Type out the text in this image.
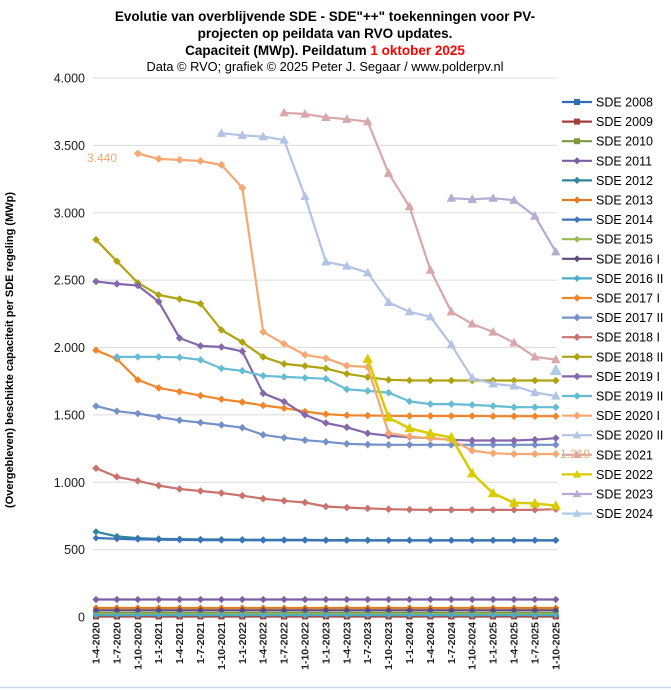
Evolutie van overblijvende SDE - SDE"++" toekenningen voor PV-
projecten op peildata van RVO updates.
Capaciteit (MWp). Peildatum 1 oktober 2025
Data © RVO; grafiek © 2025 Peter J. Segaar / www.polderpv.nl
(Overgebleven) beschikte capaciteit per SDE regeling (MWp)
4.000
3.500
3.000
2.500
2.000
1.500
1.000
500
0
1-4-2020 1-7-2020 1-10-2020 1-1-2021 1-4-2021 1-7-2021 1-10-2021 1-1-2022 1-4-2022 1-7-2022 1-10-2022 1-1-2023 1-4-2023 1-7-2023 1-10-2023 1-1-2024 1-4-2024 1-7-2024 1-10-2024 1-1-2025 1-4-2025 1-7-2025 1-10-2025
SDE 2008
SDE 2009
SDE 2010
SDE 2011
SDE 2012
SDE 2013
SDE 2014
SDE 2015
SDE 2016 I
SDE 2016 II
SDE 2017 I
SDE 2017 II
SDE 2018 I
SDE 2018 II
SDE 2019 I
SDE 2019 II
SDE 2020 I
SDE 2020 II
SDE 2021
SDE 2022
SDE 2023
SDE 2024
3.440
1.210
